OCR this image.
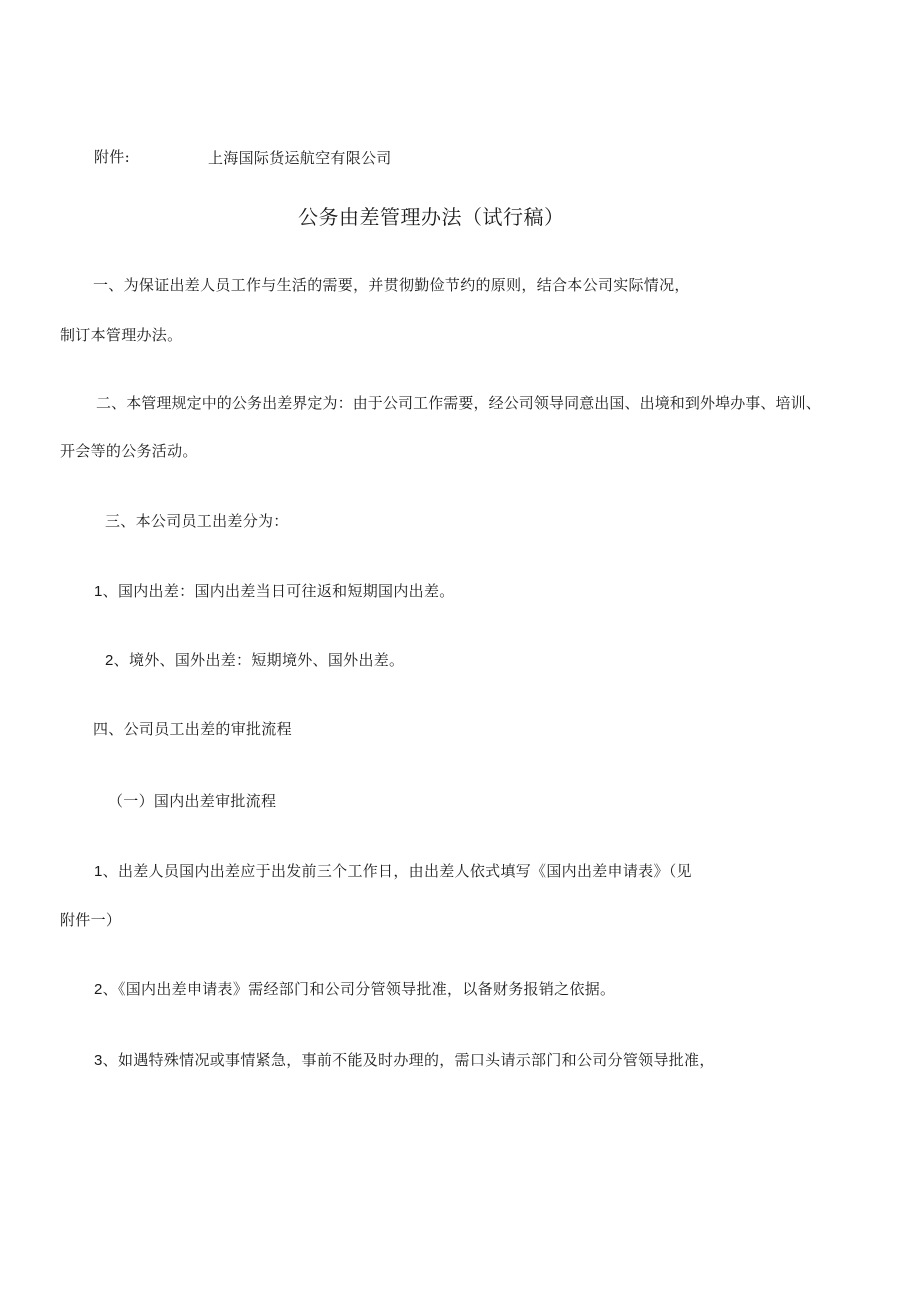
附件:	上海国际货运航空有限公司
公务由差管理办法（试行稿）
一、为保证出差人员工作与生活的需要，并贯彻勤俭节约的原则，结合本公司实际情况，
制订本管理办法。
二、本管理规定中的公务出差界定为：由于公司工作需要，经公司领导同意出国、出境和到外埠办事、培训、
开会等的公务活动。
三、本公司员工出差分为：
1、国内出差：国内出差当日可往返和短期国内出差。
2、境外、国外出差：短期境外、国外出差。
四、公司员工出差的审批流程
（一）国内出差审批流程
1、出差人员国内出差应于出发前三个工作日，由出差人依式填写《国内出差申请表》（见
附件一）
2、《国内出差申请表》需经部门和公司分管领导批准，以备财务报销之依据。
3、如遇特殊情况或事情紧急，事前不能及时办理的，需口头请示部门和公司分管领导批准，
